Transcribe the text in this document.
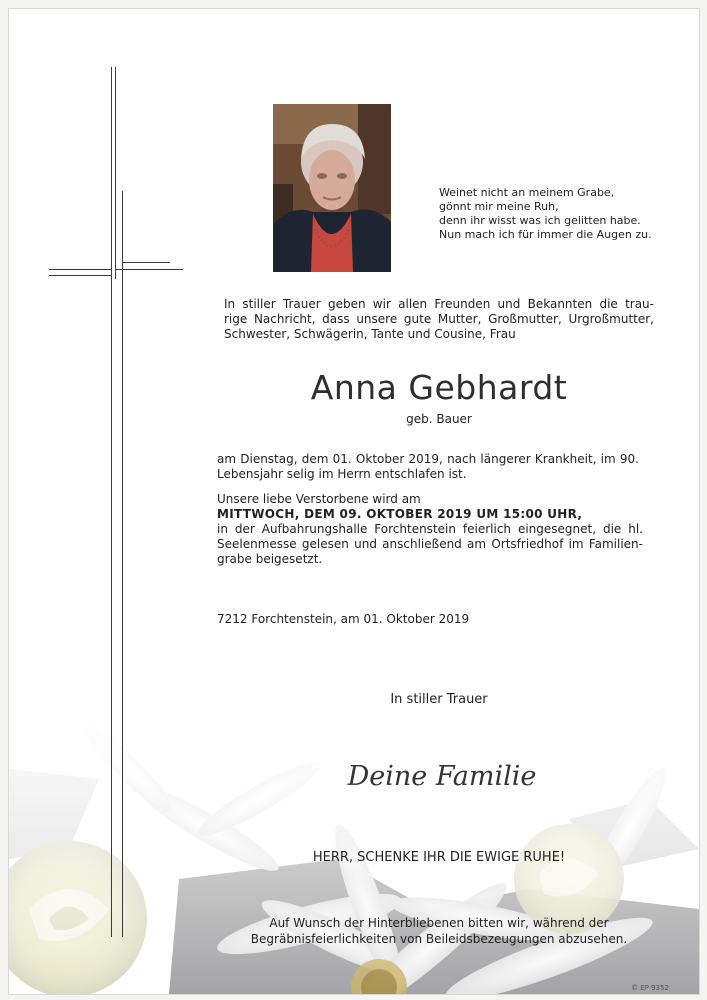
Weinet nicht an meinem Grabe,
gönnt mir meine Ruh,
denn ihr wisst was ich gelitten habe.
Nun mach ich für immer die Augen zu.
In stiller Trauer geben wir allen Freunden und Bekannten die trau-
rige Nachricht, dass unsere gute Mutter, Großmutter, Urgroßmutter,
Schwester, Schwägerin, Tante und Cousine, Frau
Anna Gebhardt
geb. Bauer
am Dienstag, dem 01. Oktober 2019, nach längerer Krankheit, im 90.
Lebensjahr selig im Herrn entschlafen ist.
Unsere liebe Verstorbene wird am
MITTWOCH, DEM 09. OKTOBER 2019 UM 15:00 UHR,
in der Aufbahrungshalle Forchtenstein feierlich eingesegnet, die hl.
Seelenmesse gelesen und anschließend am Ortsfriedhof im Familien-
grabe beigesetzt.
7212 Forchtenstein, am 01. Oktober 2019
In stiller Trauer
Deine Familie
HERR, SCHENKE IHR DIE EWIGE RUHE!
Auf Wunsch der Hinterbliebenen bitten wir, während der
Begräbnisfeierlichkeiten von Beileidsbezeugungen abzusehen.
© EP 9352
